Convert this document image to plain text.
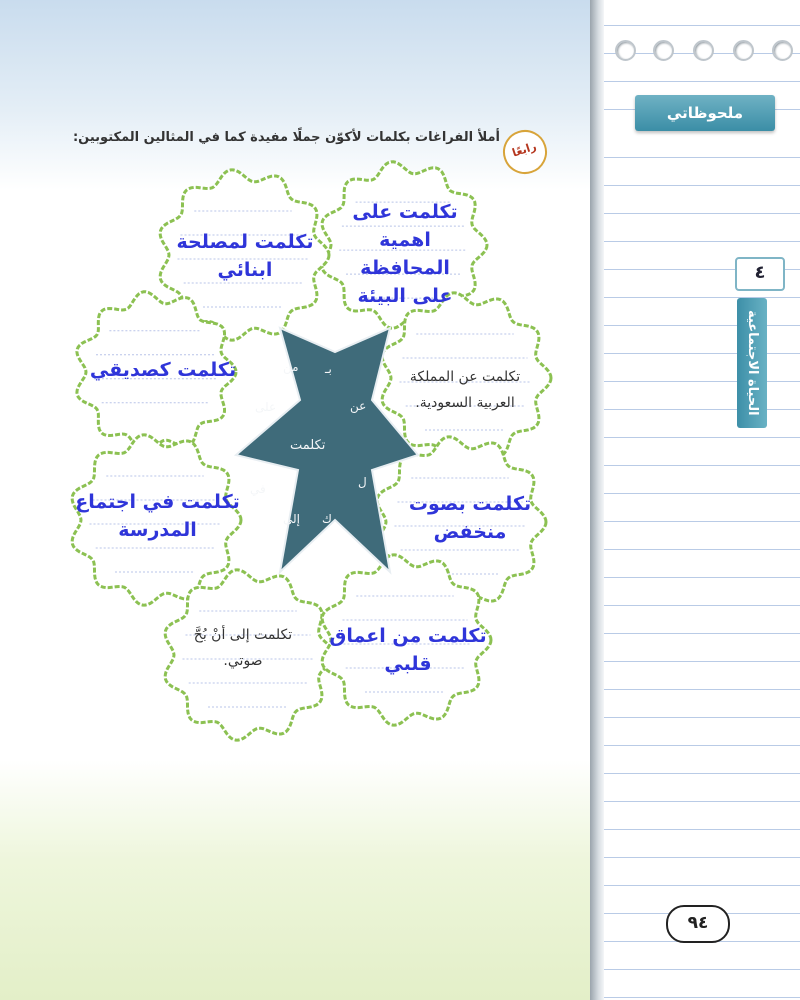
ملحوظاتي
٤
الحياة الاجتماعية
٩٤
رابعًا
أملأ الفراغات بكلمات لأكوّن جملًا مفيدة كما في المثالين المكتوبين:
تكلمت على
اهمية المحافظة
على البيئة
تكلمت لمصلحة
ابنائي
تكلمت كصديقي	تكلمت عن المملكة
العربية السعودية.
تكلمت في اجتماع
المدرسة
تكلمت بصوت
منخفض
تكلمت إلى أنْ بُحَّ
صوتي.
تكلمت من اعماق
قلبي
تكلمت
بـ
من
عن
على
ل
في
ك
إلى
